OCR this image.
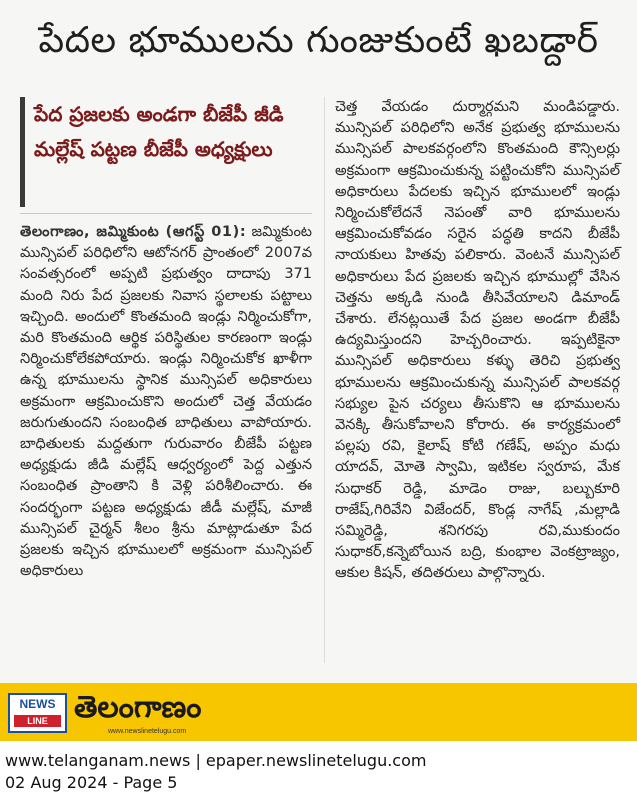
పేదల భూములను గుంజుకుంటే ఖబడ్దార్
పేద ప్రజలకు అండగా బీజేపీ జీడి మల్లేష్ పట్టణ బీజేపీ అధ్యక్షులు
తెలంగాణం, జమ్మికుంట (ఆగస్ట్ 01): జమ్మికుంట మున్సిపల్ పరిధిలోని ఆటోనగర్ ప్రాంతంలో 2007వ సంవత్సరంలో అప్పటి ప్రభుత్వం దాదాపు 371 మంది నిరు పేద ప్రజలకు నివాస స్థలాలకు పట్టాలు ఇచ్చింది. అందులో కొంతమంది ఇండ్లు నిర్మించుకోగా, మరి కొంతమంది ఆర్థిక పరిస్థితుల కారణంగా ఇండ్లు నిర్మించుకోలేకపోయారు. ఇండ్లు నిర్మించుకోక ఖాళీగా ఉన్న భూములను స్థానిక మున్సిపల్ అధికారులు అక్రమంగా ఆక్రమించుకొని అందులో చెత్త వేయడం జరుగుతుందని సంబంధిత బాధితులు వాపోయారు. బాధితులకు మద్దతుగా గురువారం బీజేపీ పట్టణ అధ్యక్షుడు జీడి మల్లేష్ ఆధ్వర్యంలో పెద్ద ఎత్తున సంబంధిత ప్రాంతాని కి వెళ్లి పరిశీలించారు. ఈ సందర్భంగా పట్టణ అధ్యక్షుడు జీడీ మల్లేష్, మాజీ మున్సిపల్ చైర్మన్ శీలం శ్రీను మాట్లాడుతూ పేద ప్రజలకు ఇచ్చిన భూములలో అక్రమంగా మున్సిపల్ అధికారులు
చెత్త వేయడం దుర్మార్గమని మండిపడ్డారు. మున్సిపల్ పరిధిలోని అనేక ప్రభుత్వ భూములను మున్సిపల్ పాలకవర్గంలోని కొంతమంది కౌన్సిలర్లు అక్రమంగా ఆక్రమించుకున్న పట్టించుకోని మున్సిపల్ అధికారులు పేదలకు ఇచ్చిన భూములలో ఇండ్లు నిర్మించుకోలేదనే నెపంతో వారి భూములను ఆక్రమించుకోవడం సరైన పద్ధతి కాదని బీజేపీ నాయకులు హితవు పలికారు. వెంటనే మున్సిపల్ అధికారులు పేద ప్రజలకు ఇచ్చిన భూముల్లో వేసిన చెత్తను అక్కడి నుండి తీసివేయాలని డిమాండ్ చేశారు. లేనట్లయితే పేద ప్రజల అండగా బీజేపీ ఉద్యమిస్తుందని హెచ్చరించారు. ఇప్పటికైనా మున్సిపల్ అధికారులు కళ్ళు తెరిచి ప్రభుత్వ భూములను ఆక్రమించుకున్న మున్సిపల్ పాలకవర్గ సభ్యుల పైన చర్యలు తీసుకొని ఆ భూములను వెనక్కి తీసుకోవాలని కోరారు. ఈ కార్యక్రమంలో పల్లపు రవి, కైలాష్ కోటి గణేష్, అప్పం మధు యాదవ్, మోతె స్వామి, ఇటికల స్వరూప, మేక సుధాకర్ రెడ్డి, మాడెం రాజు, బల్బుకూరి రాజేష్,గిరివేని విజేందర్, కొండ్ల నాగేష్ ,మల్లాడి సమ్మిరెడ్డి, శనిగరపు రవి,ముకుందం సుధాకర్,కన్నెబోయిన బద్రి, కుంభాల వెంకట్రాజ్యం, ఆకుల కిషన్, తదితరులు పాల్గొన్నారు.
NEWS
LINE తెలంగాణం
www.newslinetelugu.com
www.telanganam.news | epaper.newslinetelugu.com
02 Aug 2024 - Page 5
